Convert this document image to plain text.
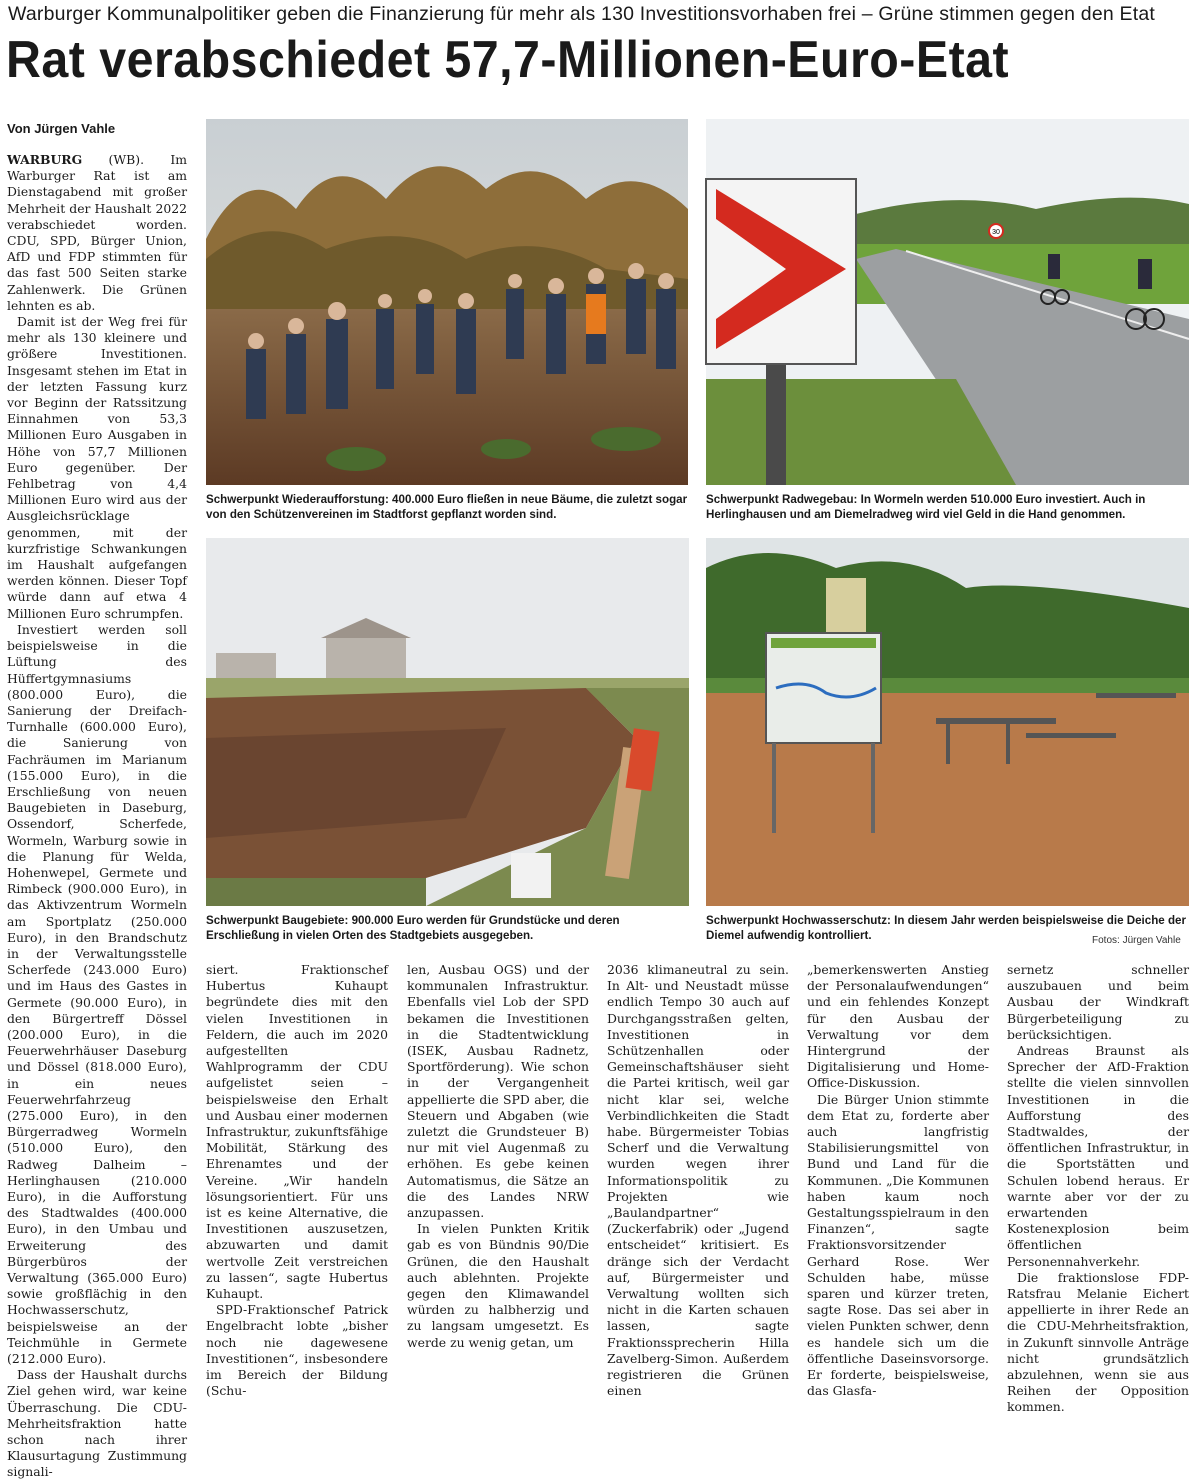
Warburger Kommunalpolitiker geben die Finanzierung für mehr als 130 Investitionsvorhaben frei – Grüne stimmen gegen den Etat
Rat verabschiedet 57,7-Millionen-Euro-Etat
Von Jürgen Vahle

WARBURG (WB). Im Warburger Rat ist am Dienstagabend mit großer Mehrheit der Haushalt 2022 verabschiedet worden. CDU, SPD, Bürger Union, AfD und FDP stimmten für das fast 500 Seiten starke Zahlenwerk. Die Grünen lehnten es ab.

Damit ist der Weg frei für mehr als 130 kleinere und größere Investitionen. Insgesamt stehen im Etat in der letzten Fassung kurz vor Beginn der Ratssitzung Einnahmen von 53,3 Millionen Euro Ausgaben in Höhe von 57,7 Millionen Euro gegenüber. Der Fehlbetrag von 4,4 Millionen Euro wird aus der Ausgleichsrücklage genommen, mit der kurzfristige Schwankungen im Haushalt aufgefangen werden können. Dieser Topf würde dann auf etwa 4 Millionen Euro schrumpfen.

Investiert werden soll beispielsweise in die Lüftung des Hüffertgymnasiums (800.000 Euro), die Sanierung der Dreifach-Turnhalle (600.000 Euro), die Sanierung von Fachräumen im Marianum (155.000 Euro), in die Erschließung von neuen Baugebieten in Daseburg, Ossendorf, Scherfede, Wormeln, Warburg sowie in die Planung für Welda, Hohenwepel, Germete und Rimbeck (900.000 Euro), in das Aktivzentrum Wormeln am Sportplatz (250.000 Euro), in den Brandschutz in der Verwaltungsstelle Scherfede (243.000 Euro) und im Haus des Gastes in Germete (90.000 Euro), in den Bürgertreff Dössel (200.000 Euro), in die Feuerwehrhäuser Daseburg und Dössel (818.000 Euro), in ein neues Feuerwehrfahrzeug (275.000 Euro), in den Bürgerradweg Wormeln (510.000 Euro), den Radweg Dalheim – Herlinghausen (210.000 Euro), in die Aufforstung des Stadtwaldes (400.000 Euro), in den Umbau und Erweiterung des Bürgerbüros der Verwaltung (365.000 Euro) sowie großflächig in den Hochwasserschutz, beispielsweise an der Teichmühle in Germete (212.000 Euro).

Dass der Haushalt durchs Ziel gehen wird, war keine Überraschung. Die CDU-Mehrheitsfraktion hatte schon nach ihrer Klausurtagung Zustimmung signali-

Schwerpunkt Wiederaufforstung: 400.000 Euro fließen in neue Bäume, die zuletzt sogar von den Schützenvereinen im Stadtforst gepflanzt worden sind.
30
Schwerpunkt Radwegebau: In Wormeln werden 510.000 Euro investiert. Auch in Herlinghausen und am Diemelradweg wird viel Geld in die Hand genommen.
Schwerpunkt Baugebiete: 900.000 Euro werden für Grundstücke und deren Erschließung in vielen Orten des Stadtgebiets ausgegeben.
Schwerpunkt Hochwasserschutz: In diesem Jahr werden beispielsweise die Deiche der Diemel aufwendig kontrolliert.	Fotos: Jürgen Vahle

siert. Fraktionschef Hubertus Kuhaupt begründete dies mit den vielen Investitionen in Feldern, die auch im 2020 aufgestellten Wahlprogramm der CDU aufgelistet seien – beispielsweise den Erhalt und Ausbau einer modernen Infrastruktur, zukunftsfähige Mobilität, Stärkung des Ehrenamtes und der Vereine. „Wir handeln lösungsorientiert. Für uns ist es keine Alternative, die Investitionen auszusetzen, abzuwarten und damit wertvolle Zeit verstreichen zu lassen“, sagte Hubertus Kuhaupt.

SPD-Fraktionschef Patrick Engelbracht lobte „bisher noch nie dagewesene Investitionen“, insbesondere im Bereich der Bildung (Schu-

len, Ausbau OGS) und der kommunalen Infrastruktur. Ebenfalls viel Lob der SPD bekamen die Investitionen in die Stadtentwicklung (ISEK, Ausbau Radnetz, Sportförderung). Wie schon in der Vergangenheit appellierte die SPD aber, die Steuern und Abgaben (wie zuletzt die Grundsteuer B) nur mit viel Augenmaß zu erhöhen. Es gebe keinen Automatismus, die Sätze an die des Landes NRW anzupassen.

In vielen Punkten Kritik gab es von Bündnis 90/Die Grünen, die den Haushalt auch ablehnten. Projekte gegen den Klimawandel würden zu halbherzig und zu langsam umgesetzt. Es werde zu wenig getan, um

2036 klimaneutral zu sein. In Alt- und Neustadt müsse endlich Tempo 30 auch auf Durchgangsstraßen gelten, Investitionen in Schützenhallen oder Gemeinschaftshäuser sieht die Partei kritisch, weil gar nicht klar sei, welche Verbindlichkeiten die Stadt habe. Bürgermeister Tobias Scherf und die Verwaltung wurden wegen ihrer Informationspolitik zu Projekten wie „Baulandpartner“ (Zuckerfabrik) oder „Jugend entscheidet“ kritisiert. Es dränge sich der Verdacht auf, Bürgermeister und Verwaltung wollten sich nicht in die Karten schauen lassen, sagte Fraktionssprecherin Hilla Zavelberg-Simon. Außerdem registrieren die Grünen einen

„bemerkenswerten Anstieg der Personalaufwendungen“ und ein fehlendes Konzept für den Ausbau der Verwaltung vor dem Hintergrund der Digitalisierung und Home-Office-Diskussion.

Die Bürger Union stimmte dem Etat zu, forderte aber auch langfristig Stabilisierungsmittel von Bund und Land für die Kommunen. „Die Kommunen haben kaum noch Gestaltungsspielraum in den Finanzen“, sagte Fraktionsvorsitzender Gerhard Rose. Wer Schulden habe, müsse sparen und kürzer treten, sagte Rose. Das sei aber in vielen Punkten schwer, denn es handele sich um die öffentliche Daseinsvorsorge. Er forderte, beispielsweise, das Glasfa-

sernetz schneller auszubauen und beim Ausbau der Windkraft Bürgerbeteiligung zu berücksichtigen.

Andreas Braunst als Sprecher der AfD-Fraktion stellte die vielen sinnvollen Investitionen in die Aufforstung des Stadtwaldes, der öffentlichen Infrastruktur, in die Sportstätten und Schulen lobend heraus. Er warnte aber vor der zu erwartenden Kostenexplosion beim öffentlichen Personennahverkehr.

Die fraktionslose FDP-Ratsfrau Melanie Eichert appellierte in ihrer Rede an die CDU-Mehrheitsfraktion, in Zukunft sinnvolle Anträge nicht grundsätzlich abzulehnen, wenn sie aus Reihen der Opposition kommen.
